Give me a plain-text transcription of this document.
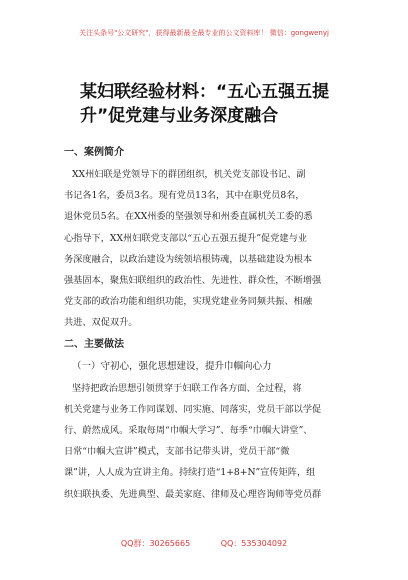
关注头条号"公文研究"，获得最新最全最专业的公文资料库！ 微信：gongwenyj
某妇联经验材料：“五心五强五提
升”促党建与业务深度融合

一、案例简介

XX州妇联是党领导下的群团组织，机关党支部设书记、副

书记各1名，委员3名。现有党员13名，其中在职党员8名，

退休党员5名。在XX州委的坚强领导和州委直属机关工委的悉

心指导下，XX州妇联党支部以“五心五强五提升”促党建与业

务深度融合，以政治建设为统领培根铸魂，以基础建设为根本

强基固本，聚焦妇联组织的政治性、先进性、群众性，不断增强

党支部的政治功能和组织功能，实现党建业务同频共振、相融

共进、双促双升。

二、主要做法

（一）守初心，强化思想建设，提升巾帼向心力

坚持把政治思想引领贯穿于妇联工作各方面、全过程，将

机关党建与业务工作同谋划、同实施、同落实，党员干部以学促

行、蔚然成风。采取每周“巾帼大学习”、每季“巾帼大讲堂”、

日常“巾帼大宣讲”模式，支部书记带头讲，党员干部“微

课”讲，人人成为宣讲主角。持续打造“1+8+N”宣传矩阵，组

织妇联执委、先进典型、最美家庭、律师及心理咨询师等党员群

QQ群：30265665	QQ：535304092
